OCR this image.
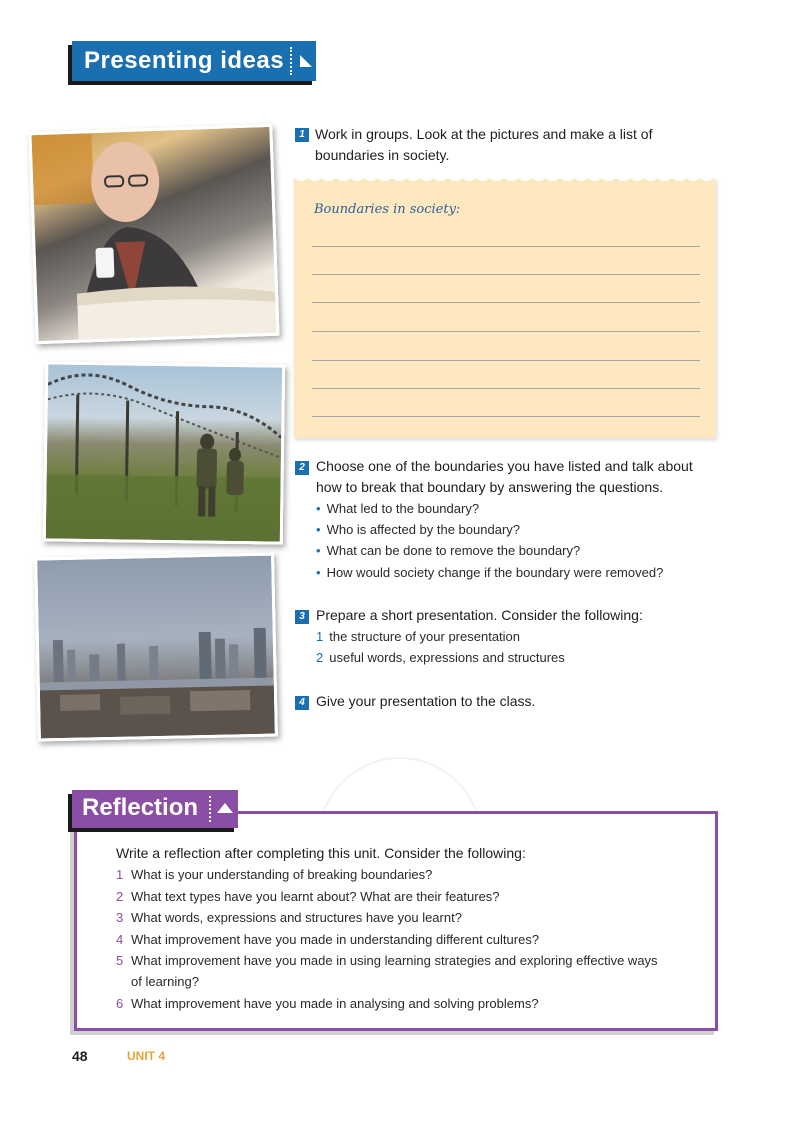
Presenting ideas
1 Work in groups. Look at the pictures and make a list of
boundaries in society.
Boundaries in society:
2 Choose one of the boundaries you have listed and talk about
how to break that boundary by answering the questions.
• What led to the boundary?
• Who is affected by the boundary?
• What can be done to remove the boundary?
• How would society change if the boundary were removed?
3 Prepare a short presentation. Consider the following:
1 the structure of your presentation
2 useful words, expressions and structures
4 Give your presentation to the class.
Reflection
Write a reflection after completing this unit. Consider the following:
1 What is your understanding of breaking boundaries?
2 What text types have you learnt about? What are their features?
3 What words, expressions and structures have you learnt?
4 What improvement have you made in understanding different cultures?
5 What improvement have you made in using learning strategies and exploring effective ways
of learning?
6 What improvement have you made in analysing and solving problems?
48	UNIT 4
